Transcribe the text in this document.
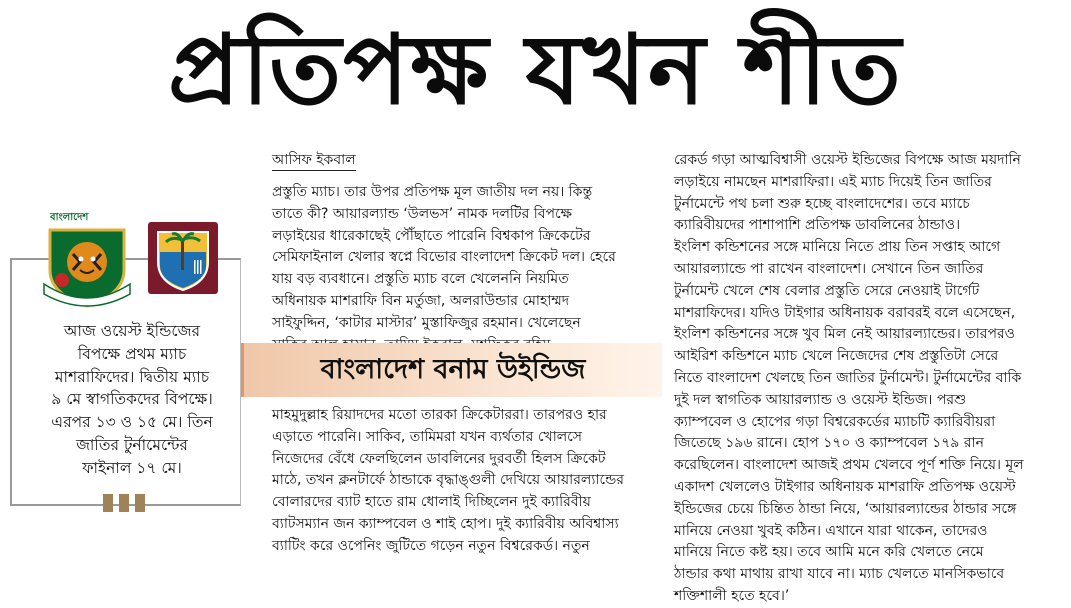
প্রতিপক্ষ যখন শীত
আসিফ ইকবাল
প্রস্তুতি ম্যাচ। তার উপর প্রতিপক্ষ মূল জাতীয় দল নয়। কিন্তু
তাতে কী? আয়ারল্যান্ড ‘উলভস’ নামক দলটির বিপক্ষে
লড়াইয়ের ধারেকাছেই পৌঁছাতে পারেনি বিশ্বকাপ ক্রিকেটের
সেমিফাইনাল খেলার স্বপ্নে বিভোর বাংলাদেশ ক্রিকেট দল। হেরে
যায় বড় ব্যবধানে। প্রস্তুতি ম্যাচ বলে খেলেননি নিয়মিত
অধিনায়ক মাশরাফি বিন মর্তুজা, অলরাউন্ডার মোহাম্মদ
সাইফুদ্দিন, ‘কাটার মাস্টার’ মুস্তাফিজুর রহমান। খেলেছেন
বাংলাদেশ বনাম উইন্ডিজ
মাহমুদুল্লাহ রিয়াদদের মতো তারকা ক্রিকেটাররা। তারপরও হার
এড়াতে পারেনি। সাকিব, তামিমরা যখন ব্যর্থতার খোলসে
নিজেদের বেঁধে ফেলছিলেন ডাবলিনের দুরবর্তী হিলস ক্রিকেট
মাঠে, তখন ক্লনটার্ফে ঠান্ডাকে বৃদ্ধাঙ্গুলী দেখিয়ে আয়ারল্যান্ডের
বোলারদের ব্যাট হাতে রাম ধোলাই দিচ্ছিলেন দুই ক্যারিবীয়
ব্যাটসম্যান জন ক্যাম্পবেল ও শাই হোপ। দুই ক্যারিবীয় অবিশ্বাস্য
ব্যাটিং করে ওপেনিং জুটিতে গড়েন নতুন বিশ্বরেকর্ড। নতুন
রেকর্ড গড়া আত্মবিশ্বাসী ওয়েস্ট ইন্ডিজের বিপক্ষে আজ ময়দানি
লড়াইয়ে নামছেন মাশরাফিরা। এই ম্যাচ দিয়েই তিন জাতির
টুর্নামেন্টে পথ চলা শুরু হচ্ছে বাংলাদেশের। তবে ম্যাচে
ক্যারিবীয়দের পাশাপাশি প্রতিপক্ষ ডাবলিনের ঠান্ডাও।
ইংলিশ কন্ডিশনের সঙ্গে মানিয়ে নিতে প্রায় তিন সপ্তাহ আগে
আয়ারল্যান্ডে পা রাখেন বাংলাদেশ। সেখানে তিন জাতির
টুর্নামেন্ট খেলে শেষ বেলার প্রস্তুতি সেরে নেওয়াই টার্গেট
মাশরাফিদের। যদিও টাইগার অধিনায়ক বরাবরই বলে এসেছেন,
ইংলিশ কন্ডিশনের সঙ্গে খুব মিল নেই আয়ারল্যান্ডের। তারপরও
আইরিশ কন্ডিশনে ম্যাচ খেলে নিজেদের শেষ প্রস্তুতিটা সেরে
নিতে বাংলাদেশ খেলছে তিন জাতির টুর্নামেন্ট। টুর্নামেন্টের বাকি
দুই দল স্বাগতিক আয়ারল্যান্ড ও ওয়েস্ট ইন্ডিজ। পরশু
ক্যাম্পবেল ও হোপের গড়া বিশ্বরেকর্ডের ম্যাচটি ক্যারিবীয়রা
জিতেছে ১৯৬ রানে। হোপ ১৭০ ও ক্যাম্পবেল ১৭৯ রান
করেছিলেন। বাংলাদেশ আজই প্রথম খেলবে পূর্ণ শক্তি নিয়ে। মূল
একাদশ খেললেও টাইগার অধিনায়ক মাশরাফি প্রতিপক্ষ ওয়েস্ট
ইন্ডিজের চেয়ে চিন্তিত ঠান্ডা নিয়ে, ‘আয়ারল্যান্ডের ঠান্ডার সঙ্গে
মানিয়ে নেওয়া খুবই কঠিন। এখানে যারা থাকেন, তাদেরও
মানিয়ে নিতে কষ্ট হয়। তবে আমি মনে করি খেলতে নেমে
ঠান্ডার কথা মাথায় রাখা যাবে না। ম্যাচ খেলতে মানসিকভাবে
শক্তিশালী হতে হবে।’
বাংলাদেশ
আজ ওয়েস্ট ইন্ডিজের
বিপক্ষে প্রথম ম্যাচ
মাশরাফিদের। দ্বিতীয় ম্যাচ
৯ মে স্বাগতিকদের বিপক্ষে।
এরপর ১৩ ও ১৫ মে। তিন
জাতির টুর্নামেন্টের
ফাইনাল ১৭ মে।
